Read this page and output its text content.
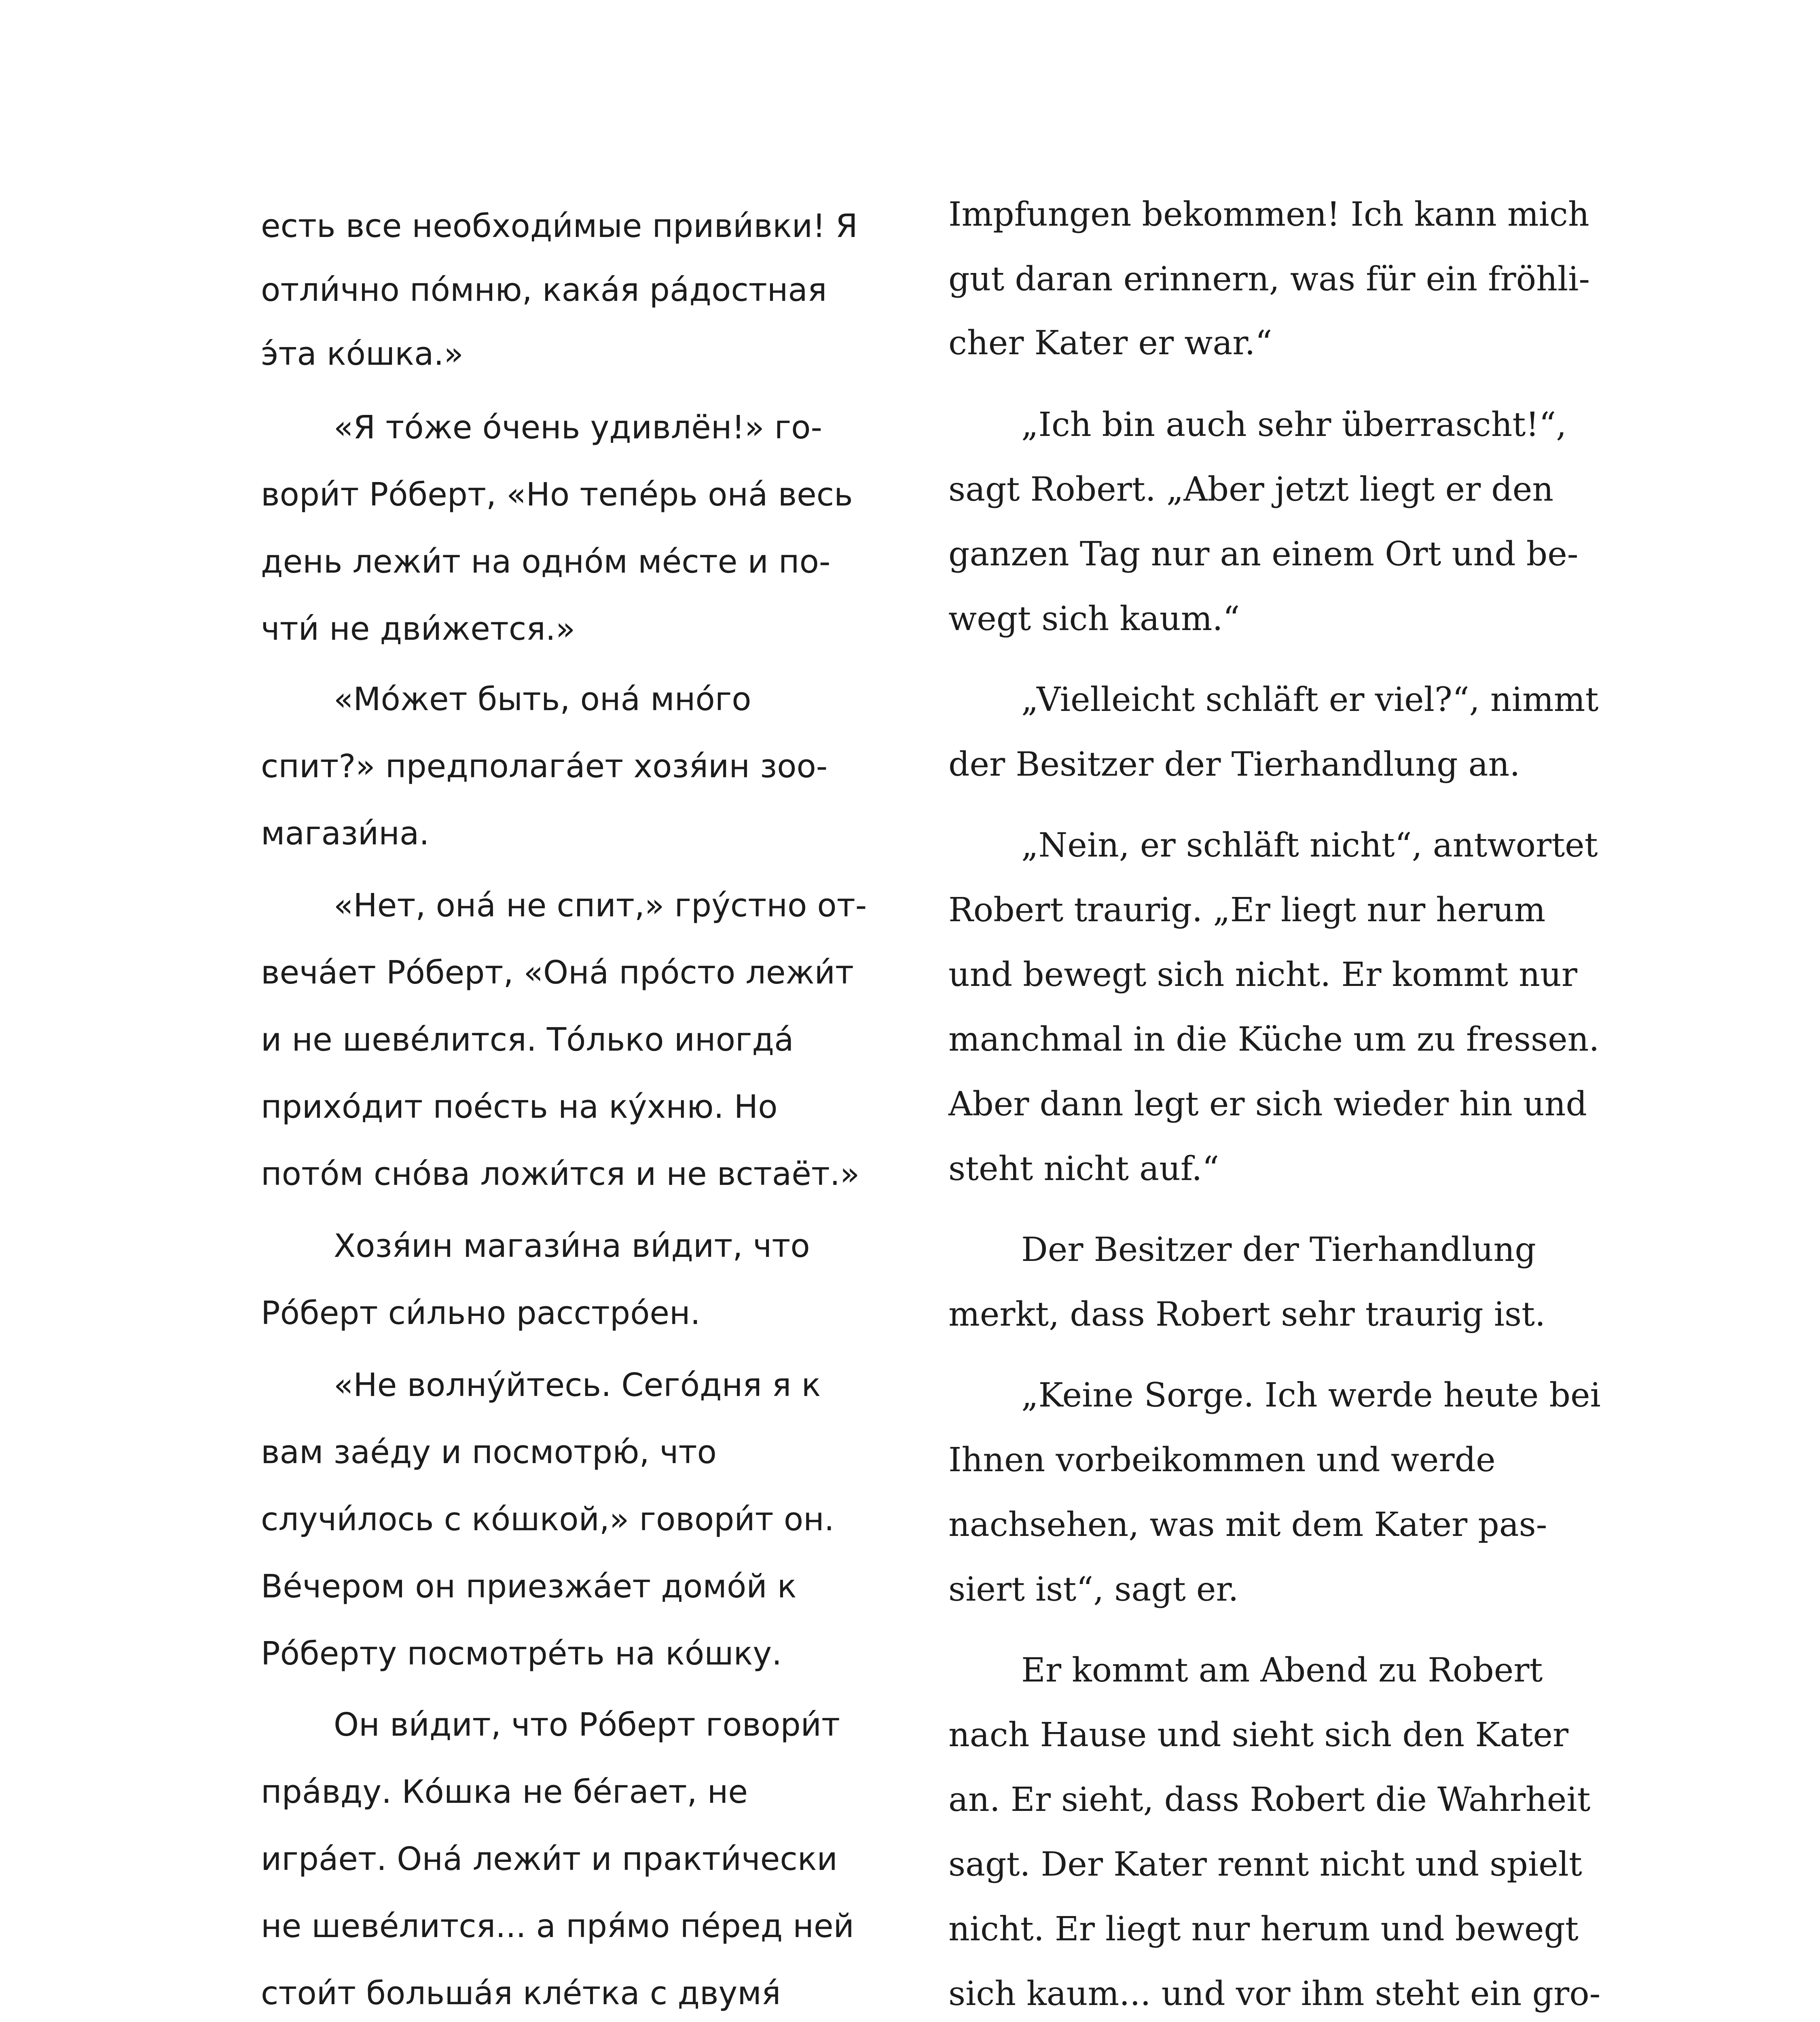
есть все необходи́мые приви́вки! Я
отли́чно по́мню, кака́я ра́достная
э́та ко́шка.»
«Я то́же о́чень удивлён!» го-
вори́т Ро́берт, «Но тепе́рь она́ весь
день лежи́т на одно́м ме́сте и по-
чти́ не дви́жется.»
«Мо́жет быть, она́ мно́го
спит?» предполага́ет хозя́ин зоо-
магази́на.
«Нет, она́ не спит,» гру́стно от-
веча́ет Ро́берт, «Она́ про́сто лежи́т
и не шеве́лится. То́лько иногда́
прихо́дит пое́сть на ку́хню. Но
пото́м сно́ва ложи́тся и не встаёт.»
Хозя́ин магази́на ви́дит, что
Ро́берт си́льно расстро́ен.
«Не волну́йтесь. Сего́дня я к
вам зае́ду и посмотрю́, что
случи́лось с ко́шкой,» говори́т он.
Ве́чером он приезжа́ет домо́й к
Ро́берту посмотре́ть на ко́шку.
Он ви́дит, что Ро́берт говори́т
пра́вду. Ко́шка не бе́гает, не
игра́ет. Она́ лежи́т и практи́чески
не шеве́лится... а пря́мо пе́ред ней
стои́т больша́я кле́тка с двумя́
Impfungen bekommen! Ich kann mich
gut daran erinnern, was für ein fröhli-
cher Kater er war.“
„Ich bin auch sehr überrascht!“,
sagt Robert. „Aber jetzt liegt er den
ganzen Tag nur an einem Ort und be-
wegt sich kaum.“
„Vielleicht schläft er viel?“, nimmt
der Besitzer der Tierhandlung an.
„Nein, er schläft nicht“, antwortet
Robert traurig. „Er liegt nur herum
und bewegt sich nicht. Er kommt nur
manchmal in die Küche um zu fressen.
Aber dann legt er sich wieder hin und
steht nicht auf.“
Der Besitzer der Tierhandlung
merkt, dass Robert sehr traurig ist.
„Keine Sorge. Ich werde heute bei
Ihnen vorbeikommen und werde
nachsehen, was mit dem Kater pas-
siert ist“, sagt er.
Er kommt am Abend zu Robert
nach Hause und sieht sich den Kater
an. Er sieht, dass Robert die Wahrheit
sagt. Der Kater rennt nicht und spielt
nicht. Er liegt nur herum und bewegt
sich kaum... und vor ihm steht ein gro-
